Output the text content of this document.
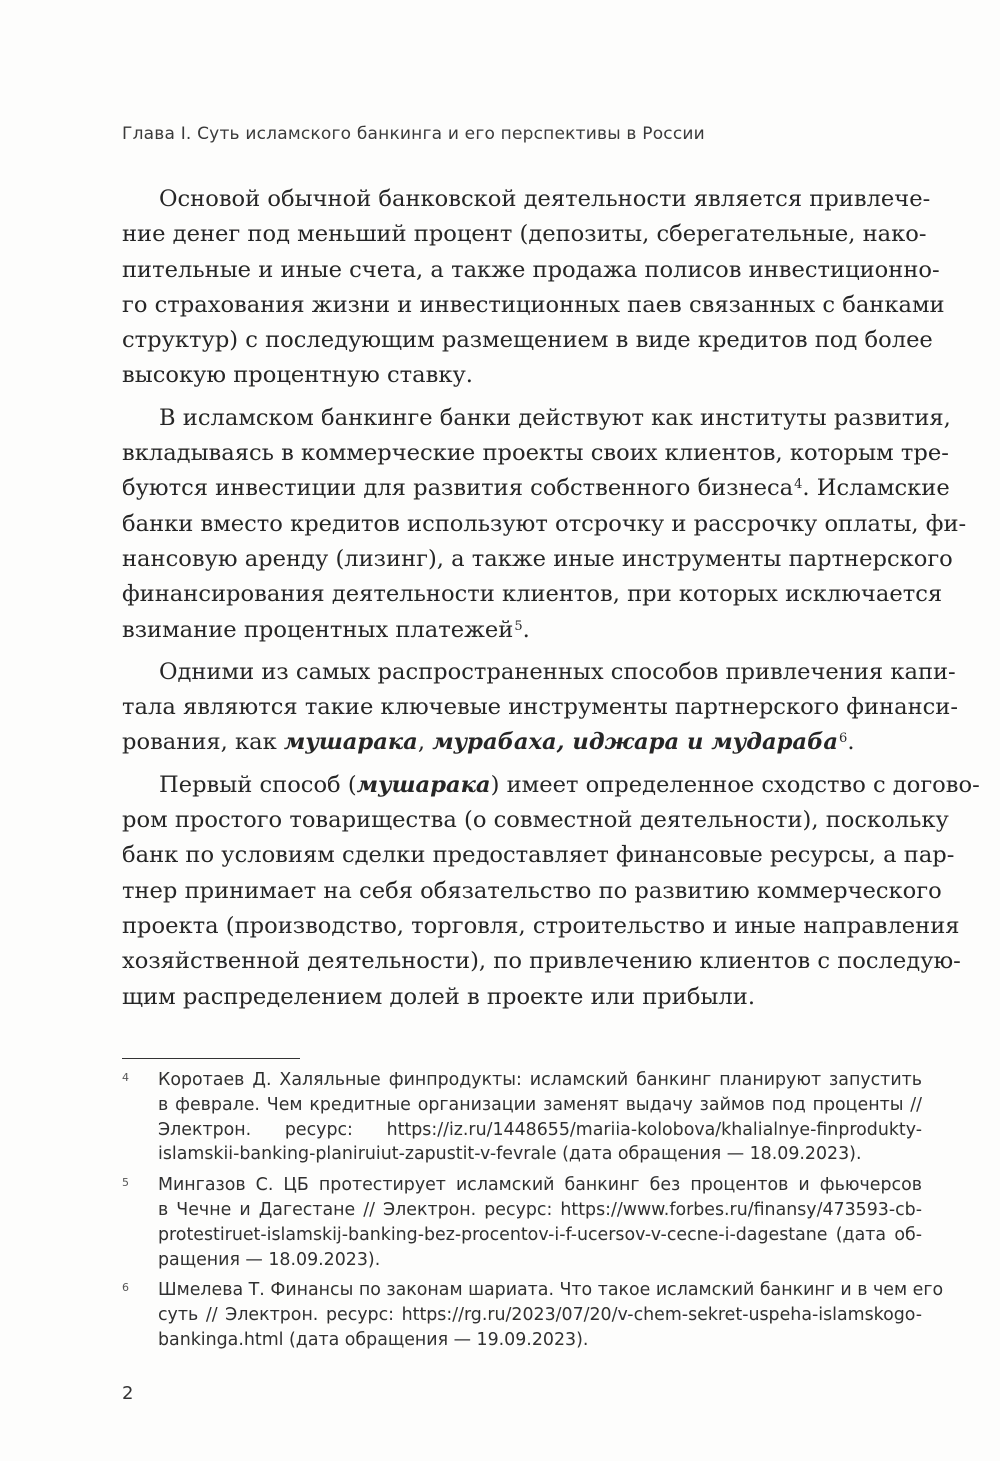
Глава I. Суть исламского банкинга и его перспективы в России
Основой обычной банковской деятельности является привлече-
ние денег под меньший процент (депозиты, сберегательные, нако-
пительные и иные счета, а также продажа полисов инвестиционно-
го страхования жизни и инвестиционных паев связанных с банками
структур) с последующим размещением в виде кредитов под более
высокую процентную ставку.
В исламском банкинге банки действуют как институты развития,
вкладываясь в коммерческие проекты своих клиентов, которым тре-
буются инвестиции для развития собственного бизнеса$^4$. Исламские
банки вместо кредитов используют отсрочку и рассрочку оплаты, фи-
нансовую аренду (лизинг), а также иные инструменты партнерского
финансирования деятельности клиентов, при которых исключается
взимание процентных платежей$^5$.
Одними из самых распространенных способов привлечения капи-
тала являются такие ключевые инструменты партнерского финанси-
рования, как мушарака, мурабаха, иджара и мудараба$^6$.
Первый способ (мушарака) имеет определенное сходство с догово-
ром простого товарищества (о совместной деятельности), поскольку
банк по условиям сделки предоставляет финансовые ресурсы, а пар-
тнер принимает на себя обязательство по развитию коммерческого
проекта (производство, торговля, строительство и иные направления
хозяйственной деятельности), по привлечению клиентов с последую-
щим распределением долей в проекте или прибыли.
4 Коротаев Д. Халяльные финпродукты: исламский банкинг планируют запустить
в феврале. Чем кредитные организации заменят выдачу займов под проценты //
Электрон. ресурс: https://iz.ru/1448655/mariia-kolobova/khalialnye-finprodukty-
islamskii-banking-planiruiut-zapustit-v-fevrale (дата обращения — 18.09.2023).
5 Мингазов С. ЦБ протестирует исламский банкинг без процентов и фьючерсов
в Чечне и Дагестане // Электрон. ресурс: https://www.forbes.ru/finansy/473593-cb-
protestiruet-islamskij-banking-bez-procentov-i-f-ucersov-v-cecne-i-dagestane (дата об-
ращения — 18.09.2023).
6 Шмелева Т. Финансы по законам шариата. Что такое исламский банкинг и в чем его
суть // Электрон. ресурс: https://rg.ru/2023/07/20/v-chem-sekret-uspeha-islamskogo-
bankinga.html (дата обращения — 19.09.2023).
2
